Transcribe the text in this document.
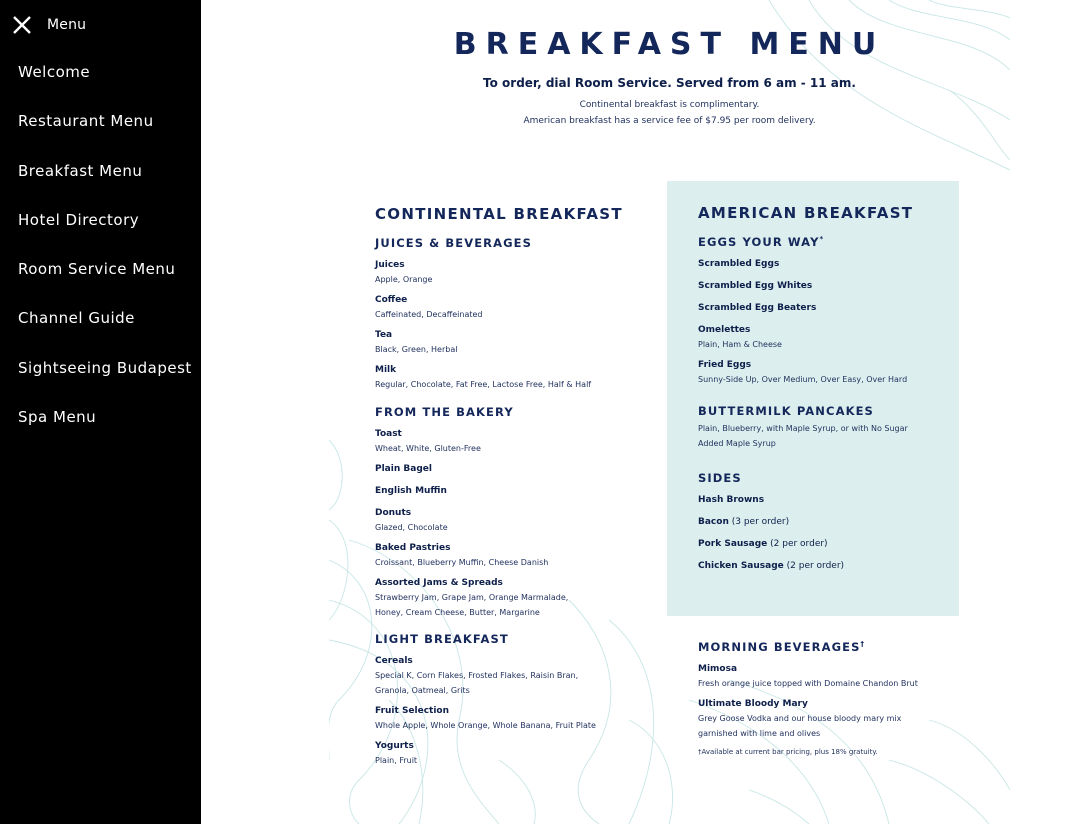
Menu
Welcome
Restaurant Menu
Breakfast Menu
Hotel Directory
Room Service Menu
Channel Guide
Sightseeing Budapest
Spa Menu
BREAKFAST MENU
To order, dial Room Service. Served from 6 am - 11 am.
Continental breakfast is complimentary.
American breakfast has a service fee of $7.95 per room delivery.
CONTINENTAL BREAKFAST
JUICES & BEVERAGES
Juices
Apple, Orange
Coffee
Caffeinated, Decaffeinated
Tea
Black, Green, Herbal
Milk
Regular, Chocolate, Fat Free, Lactose Free, Half & Half
FROM THE BAKERY
Toast
Wheat, White, Gluten-Free
Plain Bagel
English Muffin
Donuts
Glazed, Chocolate
Baked Pastries
Croissant, Blueberry Muffin, Cheese Danish
Assorted Jams & Spreads
Strawberry Jam, Grape Jam, Orange Marmalade,
Honey, Cream Cheese, Butter, Margarine
LIGHT BREAKFAST
Cereals
Special K, Corn Flakes, Frosted Flakes, Raisin Bran,
Granola, Oatmeal, Grits
Fruit Selection
Whole Apple, Whole Orange, Whole Banana, Fruit Plate
Yogurts
Plain, Fruit
AMERICAN BREAKFAST
EGGS YOUR WAY*
Scrambled Eggs
Scrambled Egg Whites
Scrambled Egg Beaters
Omelettes
Plain, Ham & Cheese
Fried Eggs
Sunny-Side Up, Over Medium, Over Easy, Over Hard
BUTTERMILK PANCAKES
Plain, Blueberry, with Maple Syrup, or with No Sugar
Added Maple Syrup
SIDES
Hash Browns
Bacon (3 per order)
Pork Sausage (2 per order)
Chicken Sausage (2 per order)
MORNING BEVERAGES†
Mimosa
Fresh orange juice topped with Domaine Chandon Brut
Ultimate Bloody Mary
Grey Goose Vodka and our house bloody mary mix
garnished with lime and olives
†Available at current bar pricing, plus 18% gratuity.
